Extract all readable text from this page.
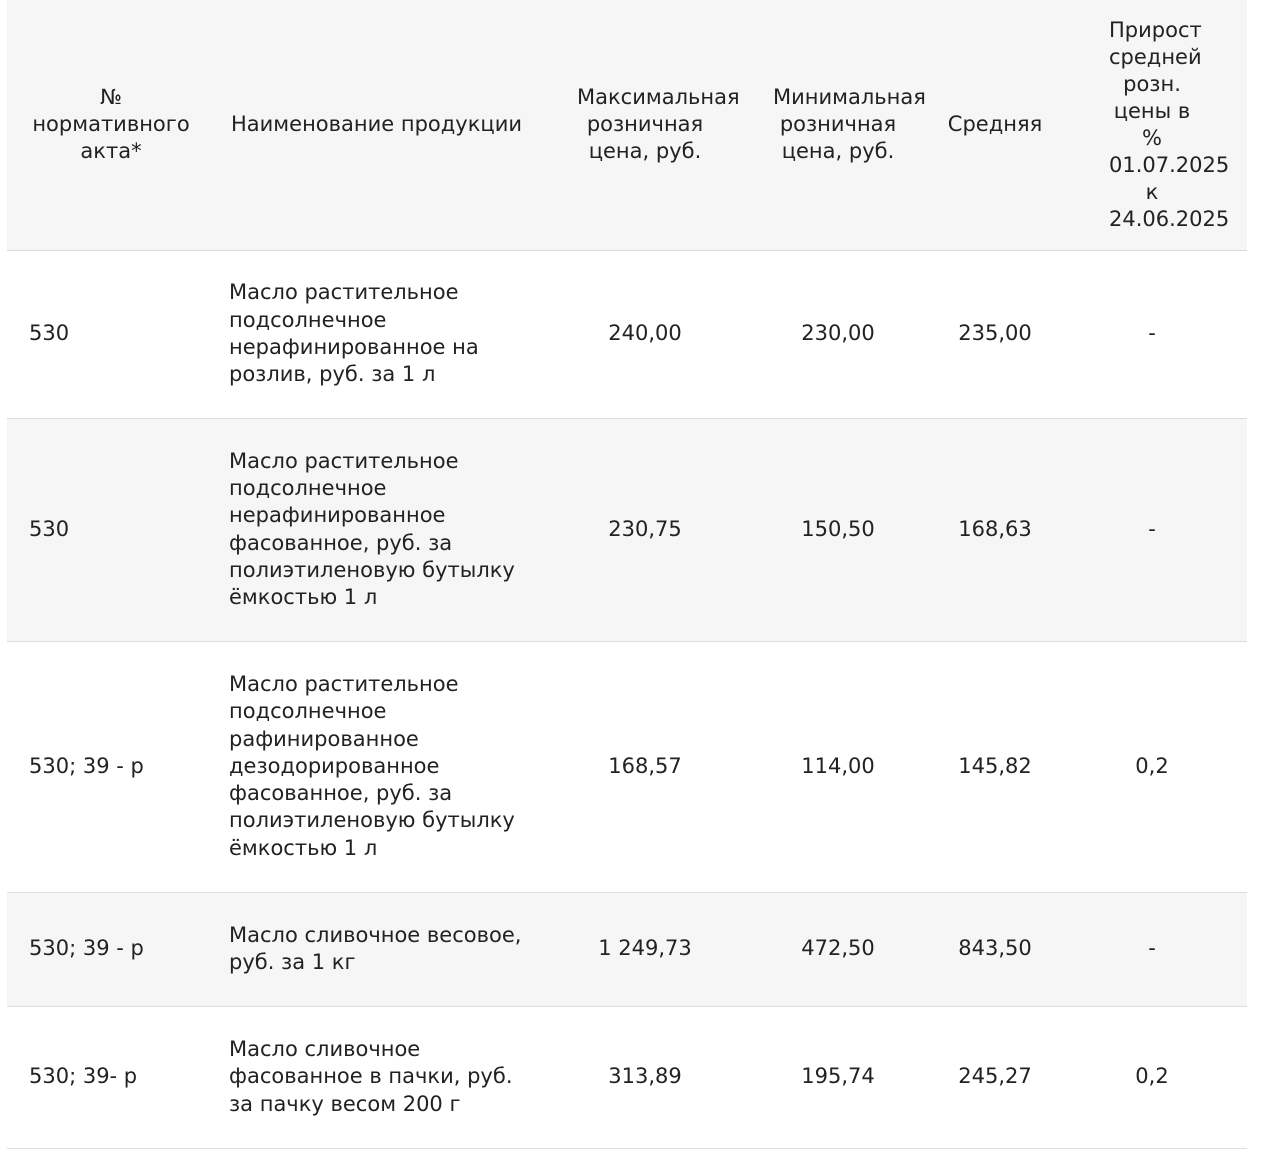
№ нормативного акта*	Наименование продукции	Максимальная розничная цена, руб.	Минимальная розничная цена, руб.	Средняя	Прирост средней розн. цены в % 01.07.2025 к 24.06.2025
530	Масло растительное подсолнечное нерафинированное на розлив, руб. за 1 л	240,00	230,00	235,00	-
530	Масло растительное подсолнечное нерафинированное фасованное, руб. за полиэтиленовую бутылку ёмкостью 1 л	230,75	150,50	168,63	-
530; 39 - р	Масло растительное подсолнечное рафинированное дезодорированное фасованное, руб. за полиэтиленовую бутылку ёмкостью 1 л	168,57	114,00	145,82	0,2
530; 39 - р	Масло сливочное весовое, руб. за 1 кг	1 249,73	472,50	843,50	-
530; 39- р	Масло сливочное фасованное в пачки, руб. за пачку весом 200 г	313,89	195,74	245,27	0,2
